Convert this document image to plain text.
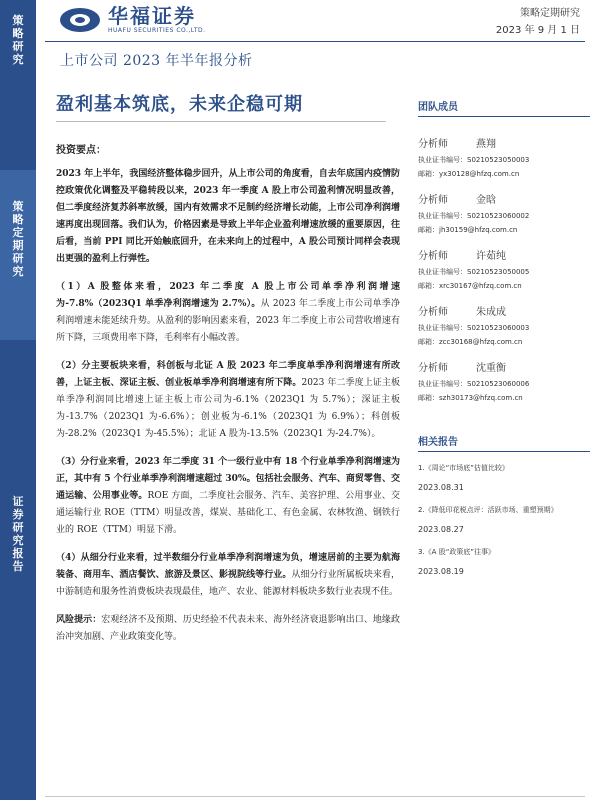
策
略
研
究
策
略
定
期
研
究
证
券
研
究
报
告
华福证券
HUAFU SECURITIES CO.,LTD.
策略定期研究
2023 年 9 月 1 日
上市公司 2023 年半年报分析
盈利基本筑底，未来企稳可期

投资要点：

2023 年上半年，我国经济整体稳步回升，从上市公司的角度看，自去年底国内疫情防控政策优化调整及平稳转段以来，2023 年一季度 A 股上市公司盈利情况明显改善，但二季度经济复苏斜率放缓，国内有效需求不足制约经济增长动能，上市公司净利润增速再度出现回落。我们认为，价格因素是导致上半年企业盈利增速放缓的重要原因，往后看，当前 PPI 同比开始触底回升，在未来向上的过程中，A 股公司预计同样会表现出更强的盈利上行弹性。

（1）A 股整体来看，2023 年二季度 A 股上市公司单季净利润增速为-7.8%（2023Q1 单季净利润增速为 2.7%）。从 2023 年二季度上市公司单季净利润增速未能延续升势。从盈利的影响因素来看，2023 年二季度上市公司营收增速有所下降，三项费用率下降，毛利率有小幅改善。

（2）分主要板块来看，科创板与北证 A 股 2023 年二季度单季净利润增速有所改善，上证主板、深证主板、创业板单季净利润增速有所下降。2023 年二季度上证主板单季净利润同比增速上证主板上市公司为-6.1%（2023Q1 为 5.7%）；深证主板为-13.7%（2023Q1 为-6.6%）；创业板为-6.1%（2023Q1 为 6.9%）；科创板为-28.2%（2023Q1 为-45.5%）；北证 A 股为-13.5%（2023Q1 为-24.7%）。

（3）分行业来看，2023 年二季度 31 个一级行业中有 18 个行业单季净利润增速为正，其中有 5 个行业单季净利润增速超过 30%。包括社会服务、汽车、商贸零售、交通运输、公用事业等。ROE 方面，二季度社会服务、汽车、美容护理、公用事业、交通运输行业 ROE（TTM）明显改善，煤炭、基础化工、有色金属、农林牧渔、钢铁行业的 ROE（TTM）明显下滑。

（4）从细分行业来看，过半数细分行业单季净利润增速为负，增速居前的主要为航海装备、商用车、酒店餐饮、旅游及景区、影视院线等行业。从细分行业所属板块来看，中游制造和服务性消费板块表现最佳，地产、农业、能源材料板块多数行业表现不佳。

风险提示：宏观经济不及预期、历史经验不代表未来、海外经济衰退影响出口、地缘政治冲突加剧、产业政策变化等。

团队成员
分析师	燕翔
执业证书编号：S0210523050003
邮箱：yx30128@hfzq.com.cn
分析师	金晗
执业证书编号：S0210523060002
邮箱：jh30159@hfzq.com.cn
分析师	许茹纯
执业证书编号：S0210523050005
邮箱：xrc30167@hfzq.com.cn
分析师	朱成成
执业证书编号：S0210523060003
邮箱：zcc30168@hfzq.com.cn
分析师	沈重衡
执业证书编号：S0210523060006
邮箱：szh30173@hfzq.com.cn
相关报告
1.《周论“市场底”估值比较》
2023.08.31
2.《降低印花税点评：活跃市场、重塑预期》
2023.08.27
3.《A 股“政策底”往事》
2023.08.19
